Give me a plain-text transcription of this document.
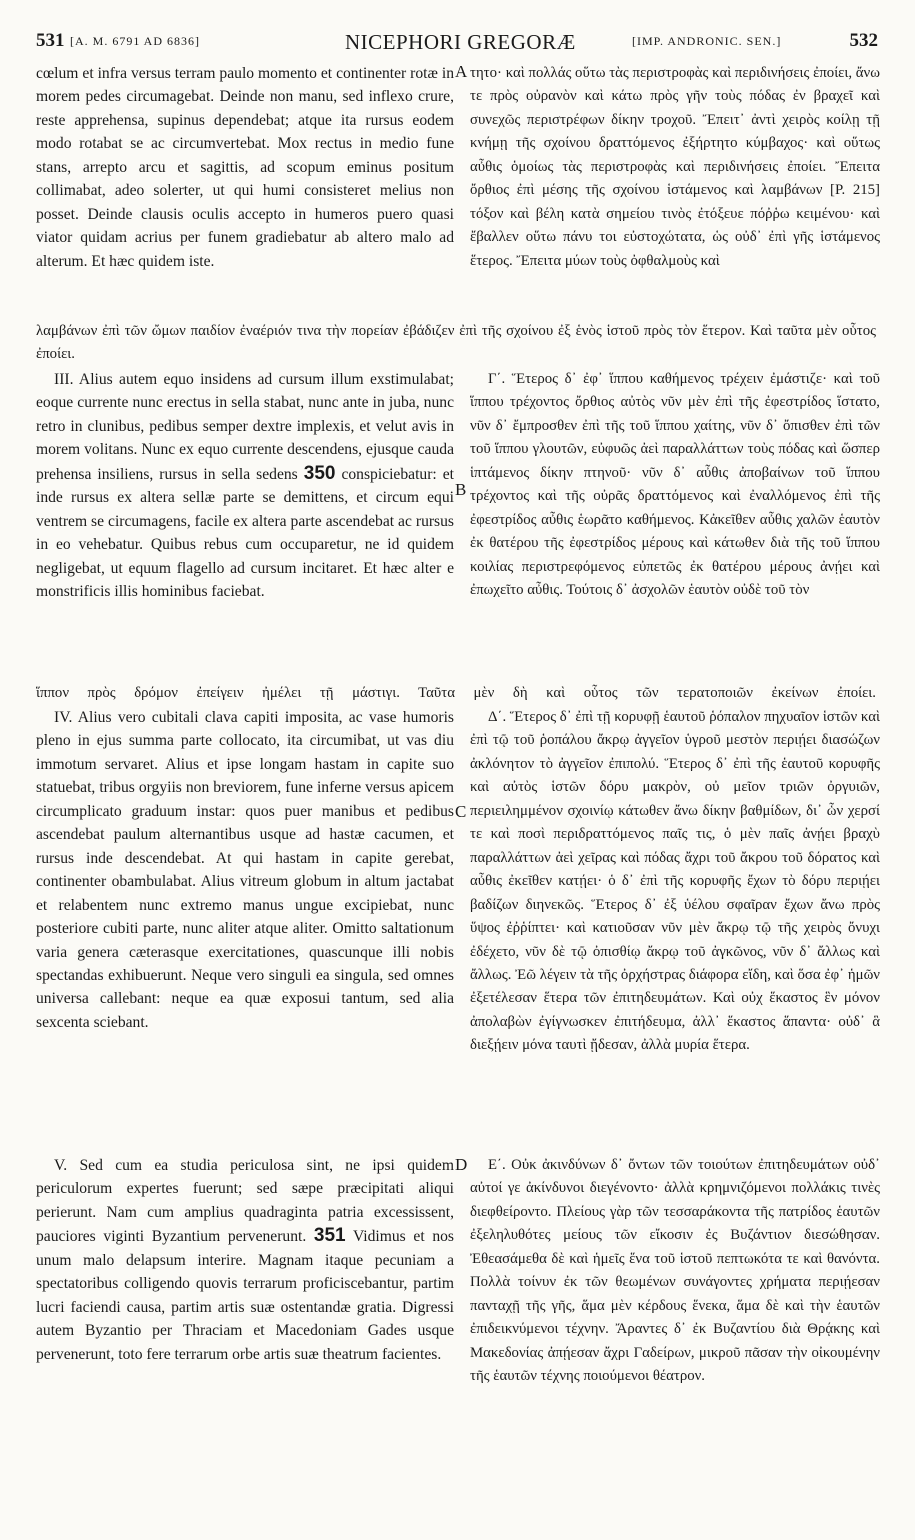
531 [A. M. 6791 AD 6836]	NICEPHORI GREGORÆ	[IMP. ANDRONIC. SEN.]	532
A
B
C
D
cœlum et infra versus terram paulo momento et continenter rotæ in morem pedes circumagebat. Deinde non manu, sed inflexo crure, reste apprehensa, supinus dependebat; atque ita rursus eodem modo rotabat se ac circumvertebat. Mox rectus in medio fune stans, arrepto arcu et sagittis, ad scopum eminus positum collimabat, adeo solerter, ut qui humi consisteret melius non posset. Deinde clausis oculis accepto in humeros puero quasi viator quidam acrius per funem gradiebatur ab altero malo ad alterum. Et hæc quidem iste.
III. Alius autem equo insidens ad cursum illum exstimulabat; eoque currente nunc erectus in sella stabat, nunc ante in juba, nunc retro in clunibus, pedibus semper dextre implexis, et velut avis in morem volitans. Nunc ex equo currente descendens, ejusque cauda prehensa insiliens, rursus in sella sedens 350 conspiciebatur: et inde rursus ex altera sellæ parte se demittens, et circum equi ventrem se circumagens, facile ex altera parte ascendebat ac rursus in eo vehebatur. Quibus rebus cum occuparetur, ne id quidem negligebat, ut equum flagello ad cursum incitaret. Et hæc alter e monstrificis illis hominibus faciebat.
IV. Alius vero cubitali clava capiti imposita, ac vase humoris pleno in ejus summa parte collocato, ita circumibat, ut vas diu immotum servaret. Alius et ipse longam hastam in capite suo statuebat, tribus orgyiis non breviorem, fune inferne versus apicem circumplicato graduum instar: quos puer manibus et pedibus ascendebat paulum alternantibus usque ad hastæ cacumen, et rursus inde descendebat. At qui hastam in capite gerebat, continenter obambulabat. Alius vitreum globum in altum jactabat et relabentem nunc extremo manus ungue excipiebat, nunc posteriore cubiti parte, nunc aliter atque aliter. Omitto saltationum varia genera cæterasque exercitationes, quascunque illi nobis spectandas exhibuerunt. Neque vero singuli ea singula, sed omnes universa callebant: neque ea quæ exposui tantum, sed alia sexcenta sciebant.
V. Sed cum ea studia periculosa sint, ne ipsi quidem periculorum expertes fuerunt; sed sæpe præcipitati aliqui perierunt. Nam cum amplius quadraginta patria excessissent, pauciores viginti Byzantium pervenerunt. 351 Vidimus et nos unum malo delapsum interire. Magnam itaque pecuniam a spectatoribus colligendo quovis terrarum proficiscebantur, partim lucri faciendi causa, partim artis suæ ostentandæ gratia. Digressi autem Byzantio per Thraciam et Macedoniam Gades usque pervenerunt, toto fere terrarum orbe artis suæ theatrum facientes.
τητο· καὶ πολλάς οὕτω τὰς περιστροφὰς καὶ περιδινήσεις ἐποίει, ἄνω τε πρὸς οὐρανὸν καὶ κάτω πρὸς γῆν τοὺς πόδας ἐν βραχεῖ καὶ συνεχῶς περιστρέφων δίκην τροχοῦ. Ἔπειτ᾽ ἀντὶ χειρὸς κοίλῃ τῇ κνήμῃ τῆς σχοίνου δραττόμενος ἐξήρτητο κύμβαχος· καὶ οὕτως αὖθις ὁμοίως τὰς περιστροφὰς καὶ περιδινήσεις ἐποίει. Ἔπειτα ὄρθιος ἐπὶ μέσης τῆς σχοίνου ἱστάμενος καὶ λαμβάνων [P. 215] τόξον καὶ βέλη κατὰ σημείου τινὸς ἐτόξευε πόῤῥω κειμένου· καὶ ἔβαλλεν οὕτω πάνυ τοι εὐστοχώτατα, ὡς οὐδ᾽ ἐπὶ γῆς ἱστάμενος ἕτερος. Ἔπειτα μύων τοὺς ὀφθαλμοὺς καὶ
Γ΄. Ἕτερος δ᾽ ἐφ᾽ ἵππου καθήμενος τρέχειν ἐμάστιζε· καὶ τοῦ ἵππου τρέχοντος ὄρθιος αὐτὸς νῦν μὲν ἐπὶ τῆς ἐφεστρίδος ἵστατο, νῦν δ᾽ ἔμπροσθεν ἐπὶ τῆς τοῦ ἵππου χαίτης, νῦν δ᾽ ὄπισθεν ἐπὶ τῶν τοῦ ἵππου γλουτῶν, εὐφυῶς ἀεὶ παραλλάττων τοὺς πόδας καὶ ὥσπερ ἱπτάμενος δίκην πτηνοῦ· νῦν δ᾽ αὖθις ἀποβαίνων τοῦ ἵππου τρέχοντος καὶ τῆς οὐρᾶς δραττόμενος καὶ ἐναλλόμενος ἐπὶ τῆς ἐφεστρίδος αὖθις ἑωρᾶτο καθήμενος. Κἀκεῖθεν αὖθις χαλῶν ἑαυτὸν ἐκ θατέρου τῆς ἐφεστρίδος μέρους καὶ κάτωθεν διὰ τῆς τοῦ ἵππου κοιλίας περιστρεφόμενος εὐπετῶς ἐκ θατέρου μέρους ἀνῄει καὶ ἐπωχεῖτο αὖθις. Τούτοις δ᾽ ἀσχολῶν ἑαυτὸν οὐδὲ τοῦ τὸν
Δ΄. Ἕτερος δ᾽ ἐπὶ τῇ κορυφῇ ἑαυτοῦ ῥόπαλον πηχυαῖον ἱστῶν καὶ ἐπὶ τῷ τοῦ ῥοπάλου ἄκρῳ ἀγγεῖον ὑγροῦ μεστὸν περιῄει διασώζων ἀκλόνητον τὸ ἀγγεῖον ἐπιπολύ. Ἕτερος δ᾽ ἐπὶ τῆς ἑαυτοῦ κορυφῆς καὶ αὐτὸς ἱστῶν δόρυ μακρὸν, οὐ μεῖον τριῶν ὀργυιῶν, περιειλημμένον σχοινίῳ κάτωθεν ἄνω δίκην βαθμίδων, δι᾽ ὧν χερσί τε καὶ ποσὶ περιδραττόμενος παῖς τις, ὁ μὲν παῖς ἀνῄει βραχὺ παραλλάττων ἀεὶ χεῖρας καὶ πόδας ἄχρι τοῦ ἄκρου τοῦ δόρατος καὶ αὖθις ἐκεῖθεν κατῄει· ὁ δ᾽ ἐπὶ τῆς κορυφῆς ἔχων τὸ δόρυ περιῄει βαδίζων διηνεκῶς. Ἕτερος δ᾽ ἐξ ὑέλου σφαῖραν ἔχων ἄνω πρὸς ὕψος ἐῤῥίπτει· καὶ κατιοῦσαν νῦν μὲν ἄκρῳ τῷ τῆς χειρὸς ὄνυχι ἐδέχετο, νῦν δὲ τῷ ὀπισθίῳ ἄκρῳ τοῦ ἀγκῶνος, νῦν δ᾽ ἄλλως καὶ ἄλλως. Ἐῶ λέγειν τὰ τῆς ὀρχήστρας διάφορα εἴδη, καὶ ὅσα ἐφ᾽ ἡμῶν ἐξετέλεσαν ἕτερα τῶν ἐπιτηδευμάτων. Καὶ οὐχ ἕκαστος ἓν μόνον ἀπολαβὼν ἐγίγνωσκεν ἐπιτήδευμα, ἀλλ᾽ ἕκαστος ἅπαντα· οὐδ᾽ ἃ διεξῄειν μόνα ταυτὶ ᾔδεσαν, ἀλλὰ μυρία ἕτερα.
Ε΄. Οὐκ ἀκινδύνων δ᾽ ὄντων τῶν τοιούτων ἐπιτηδευμάτων οὐδ᾽ αὐτοί γε ἀκίνδυνοι διεγένοντο· ἀλλὰ κρημνιζόμενοι πολλάκις τινὲς διεφθείροντο. Πλείους γὰρ τῶν τεσσαράκοντα τῆς πατρίδος ἑαυτῶν ἐξεληλυθότες μείους τῶν εἴκοσιν ἐς Βυζάντιον διεσώθησαν. Ἐθεασάμεθα δὲ καὶ ἡμεῖς ἕνα τοῦ ἱστοῦ πεπτωκότα τε καὶ θανόντα. Πολλὰ τοίνυν ἐκ τῶν θεωμένων συνάγοντες χρήματα περιῄεσαν πανταχῇ τῆς γῆς, ἅμα μὲν κέρδους ἕνεκα, ἅμα δὲ καὶ τὴν ἑαυτῶν ἐπιδεικνύμενοι τέχνην. Ἄραντες δ᾽ ἐκ Βυζαντίου διὰ Θρᾴκης καὶ Μακεδονίας ἀπῄεσαν ἄχρι Γαδείρων, μικροῦ πᾶσαν τὴν οἰκουμένην τῆς ἑαυτῶν τέχνης ποιούμενοι θέατρον.
λαμβάνων ἐπὶ τῶν ὤμων παιδίον ἐναέριόν τινα τὴν πορείαν ἐβάδιζεν ἐπὶ τῆς σχοίνου ἐξ ἑνὸς ἱστοῦ πρὸς τὸν ἕτερον. Καὶ ταῦτα μὲν οὗτος ἐποίει.
ἵππον πρὸς δρόμον ἐπείγειν ἠμέλει τῇ μάστιγι. Ταῦτα μὲν δὴ καὶ οὗτος τῶν τερατοποιῶν ἐκείνων ἐποίει.
